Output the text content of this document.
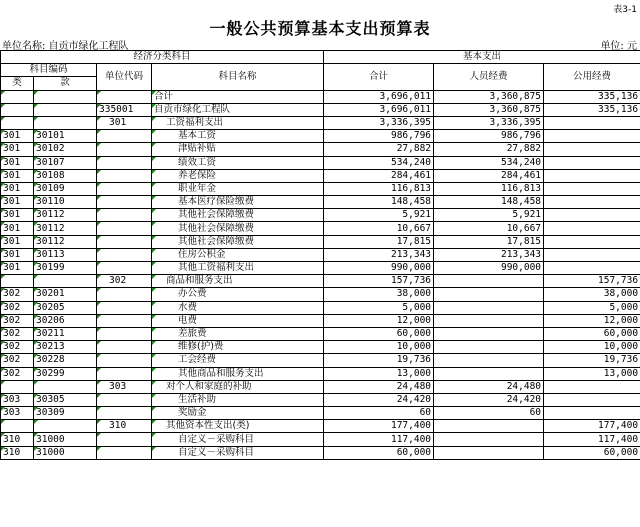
表3-1
一般公共预算基本支出预算表
单位名称: 自贡市绿化工程队	单位: 元
经济分类科目				基本支出		
科目编码		单位代码	科目名称	合计	人员经费	公用经费
类	款					
			合计	3,696,011	3,360,875	335,136
		335001	自贡市绿化工程队	3,696,011	3,360,875	335,136
		301	工资福利支出	3,336,395	3,336,395	
301	30101		基本工资	986,796	986,796	
301	30102		津贴补贴	27,882	27,882	
301	30107		绩效工资	534,240	534,240	
301	30108		养老保险	284,461	284,461	
301	30109		职业年金	116,813	116,813	
301	30110		基本医疗保险缴费	148,458	148,458	
301	30112		其他社会保障缴费	5,921	5,921	
301	30112		其他社会保障缴费	10,667	10,667	
301	30112		其他社会保障缴费	17,815	17,815	
301	30113		住房公积金	213,343	213,343	
301	30199		其他工资福利支出	990,000	990,000	
		302	商品和服务支出	157,736		157,736
302	30201		办公费	38,000		38,000
302	30205		水费	5,000		5,000
302	30206		电费	12,000		12,000
302	30211		差旅费	60,000		60,000
302	30213		维修(护)费	10,000		10,000
302	30228		工会经费	19,736		19,736
302	30299		其他商品和服务支出	13,000		13,000
		303	对个人和家庭的补助	24,480	24,480	
303	30305		生活补助	24,420	24,420	
303	30309		奖励金	60	60	
		310	其他资本性支出(类)	177,400		177,400
310	31000		自定义－采购科目	117,400		117,400
310	31000		自定义－采购科目	60,000		60,000
